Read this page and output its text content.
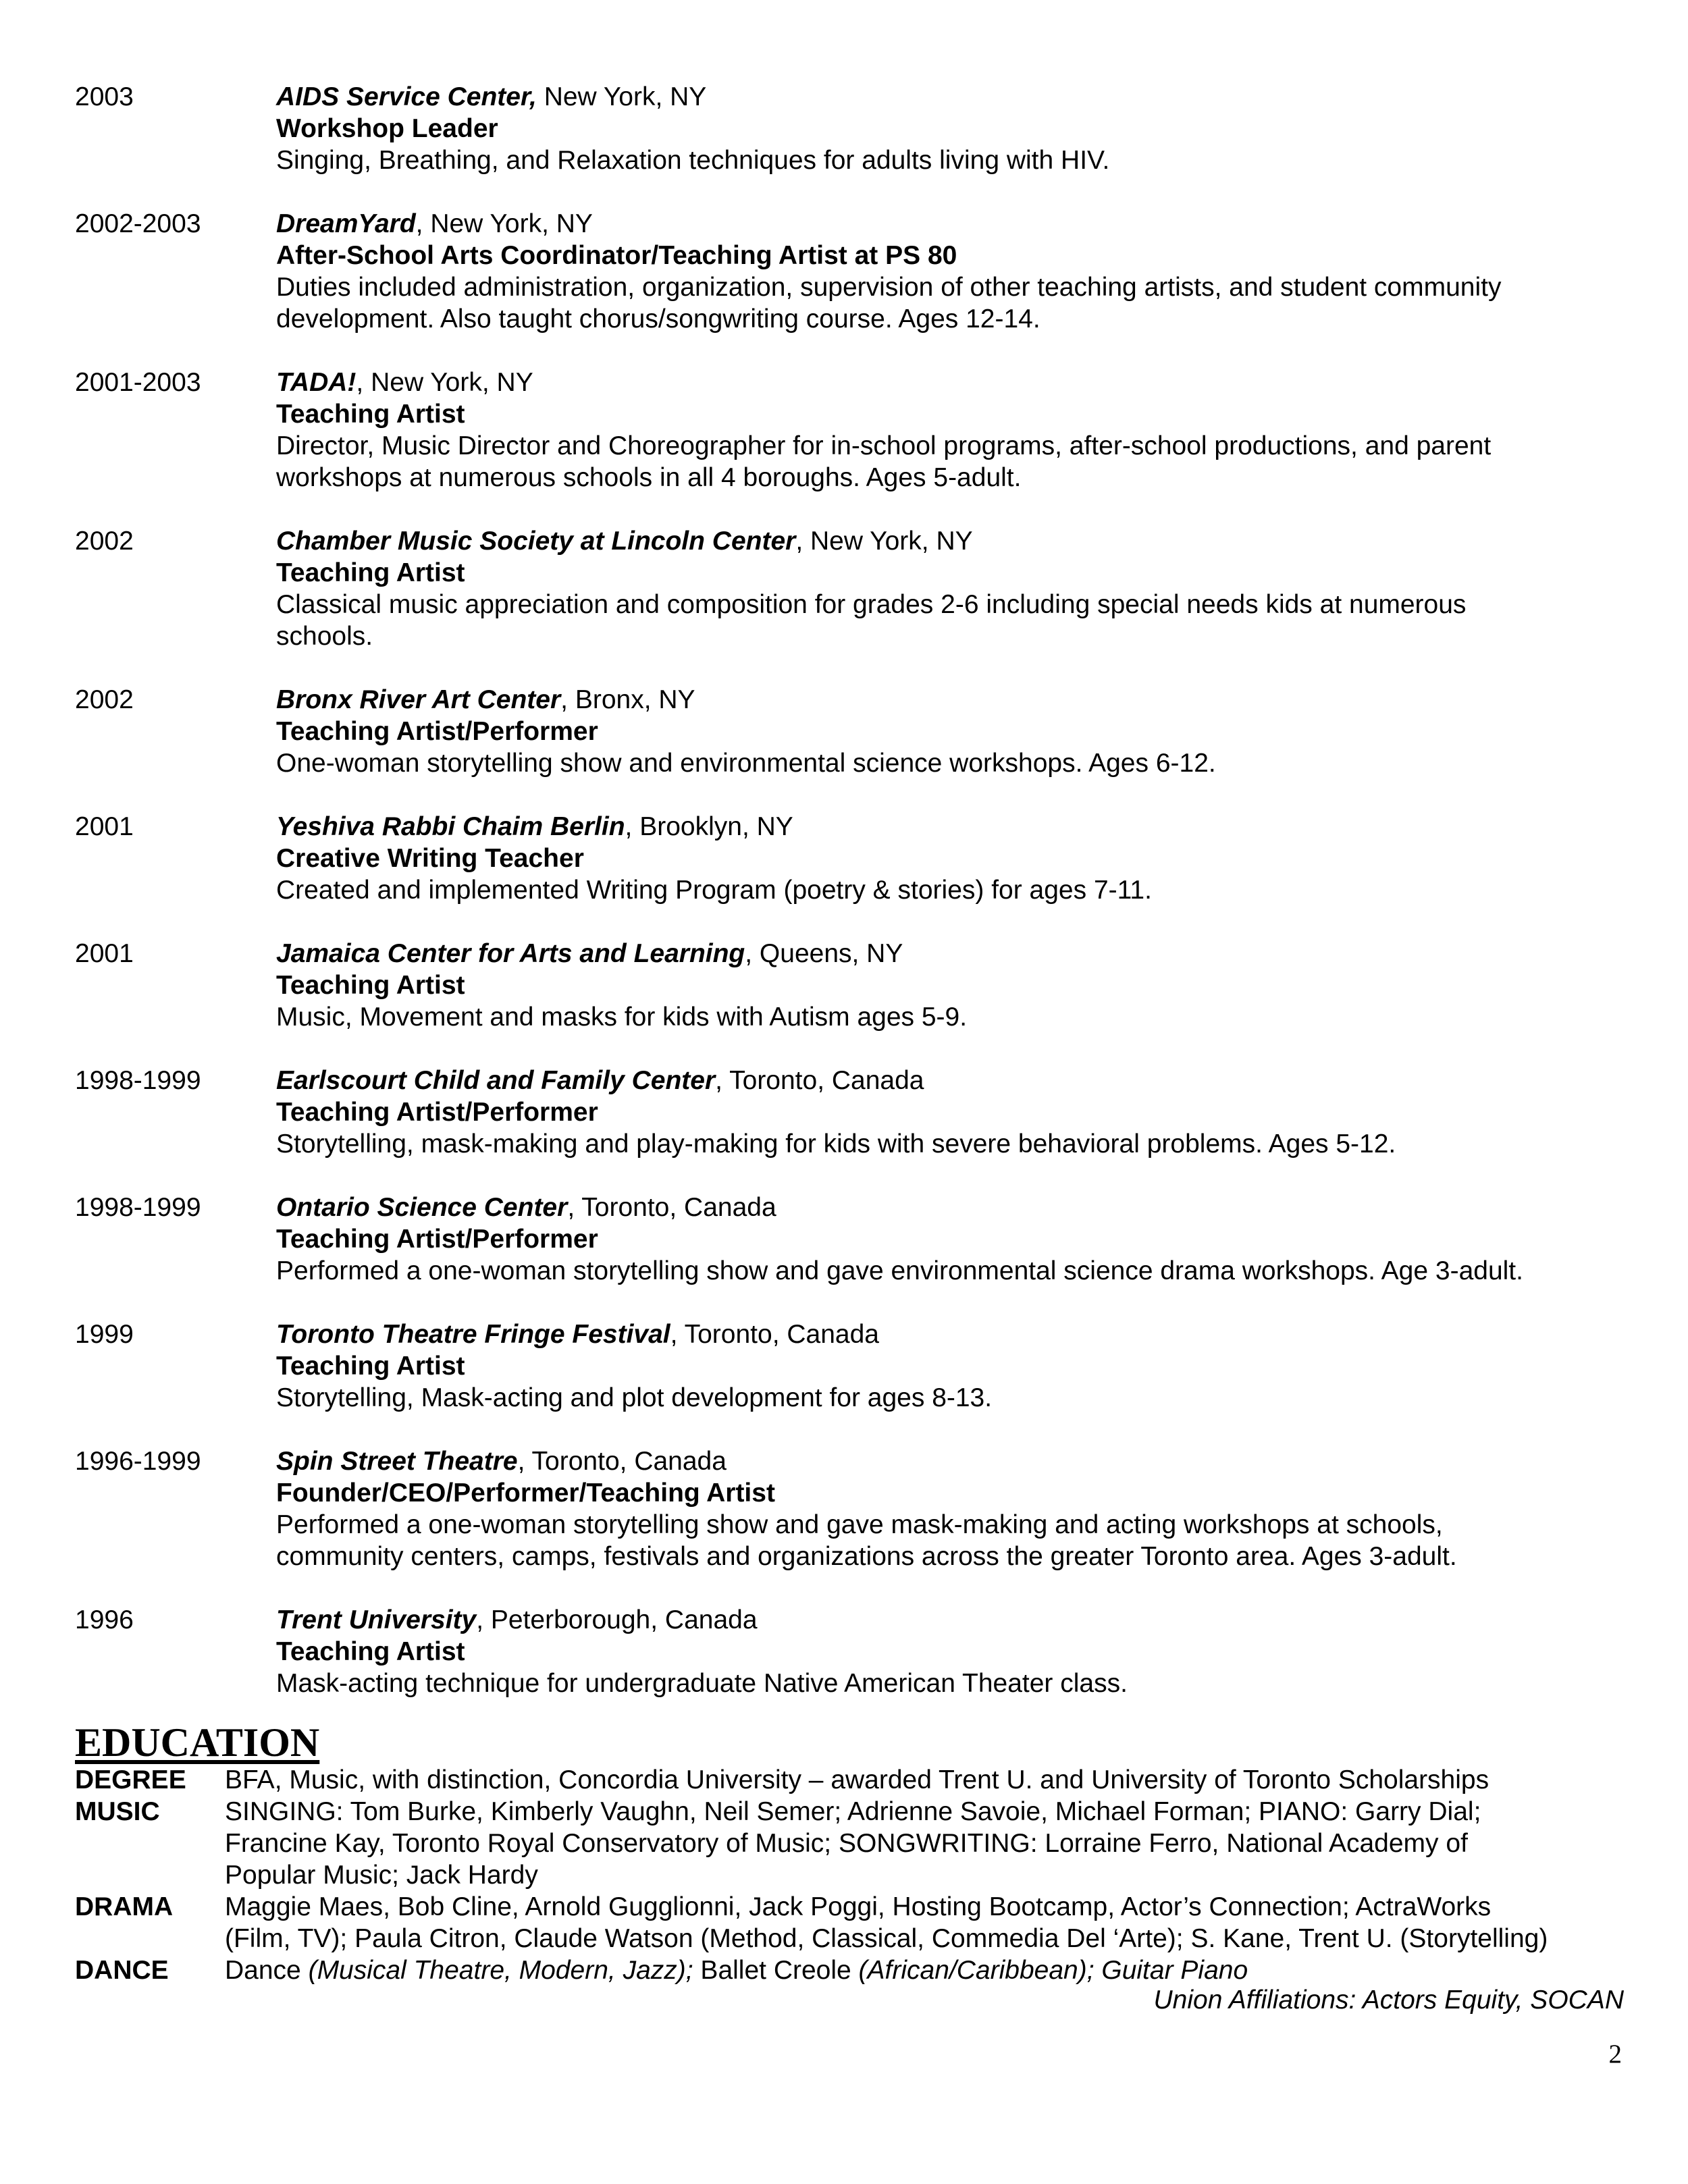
2003	AIDS Service Center, New York, NY
Workshop Leader
Singing, Breathing, and Relaxation techniques for adults living with HIV.
2002-2003	DreamYard, New York, NY
After-School Arts Coordinator/Teaching Artist at PS 80
Duties included administration, organization, supervision of other teaching artists, and student community
development. Also taught chorus/songwriting course. Ages 12-14.
2001-2003	TADA!, New York, NY
Teaching Artist
Director, Music Director and Choreographer for in-school programs, after-school productions, and parent
workshops at numerous schools in all 4 boroughs. Ages 5-adult.
2002	Chamber Music Society at Lincoln Center, New York, NY
Teaching Artist
Classical music appreciation and composition for grades 2-6 including special needs kids at numerous
schools.
2002	Bronx River Art Center, Bronx, NY
Teaching Artist/Performer
One-woman storytelling show and environmental science workshops. Ages 6-12.
2001	Yeshiva Rabbi Chaim Berlin, Brooklyn, NY
Creative Writing Teacher
Created and implemented Writing Program (poetry & stories) for ages 7-11.
2001	Jamaica Center for Arts and Learning, Queens, NY
Teaching Artist
Music, Movement and masks for kids with Autism ages 5-9.
1998-1999	Earlscourt Child and Family Center, Toronto, Canada
Teaching Artist/Performer
Storytelling, mask-making and play-making for kids with severe behavioral problems. Ages 5-12.
1998-1999	Ontario Science Center, Toronto, Canada
Teaching Artist/Performer
Performed a one-woman storytelling show and gave environmental science drama workshops. Age 3-adult.
1999	Toronto Theatre Fringe Festival, Toronto, Canada
Teaching Artist
Storytelling, Mask-acting and plot development for ages 8-13.
1996-1999	Spin Street Theatre, Toronto, Canada
Founder/CEO/Performer/Teaching Artist
Performed a one-woman storytelling show and gave mask-making and acting workshops at schools,
community centers, camps, festivals and organizations across the greater Toronto area. Ages 3-adult.
1996	Trent University, Peterborough, Canada
Teaching Artist
Mask-acting technique for undergraduate Native American Theater class.
EDUCATION
DEGREE BFA, Music, with distinction, Concordia University – awarded Trent U. and University of Toronto Scholarships
MUSIC SINGING: Tom Burke, Kimberly Vaughn, Neil Semer; Adrienne Savoie, Michael Forman; PIANO: Garry Dial;
Francine Kay, Toronto Royal Conservatory of Music; SONGWRITING: Lorraine Ferro, National Academy of
Popular Music; Jack Hardy
DRAMA Maggie Maes, Bob Cline, Arnold Gugglionni, Jack Poggi, Hosting Bootcamp, Actor’s Connection; ActraWorks
(Film, TV); Paula Citron, Claude Watson (Method, Classical, Commedia Del ‘Arte); S. Kane, Trent U. (Storytelling)
DANCE Dance (Musical Theatre, Modern, Jazz); Ballet Creole (African/Caribbean); Guitar Piano
Union Affiliations: Actors Equity, SOCAN
2
